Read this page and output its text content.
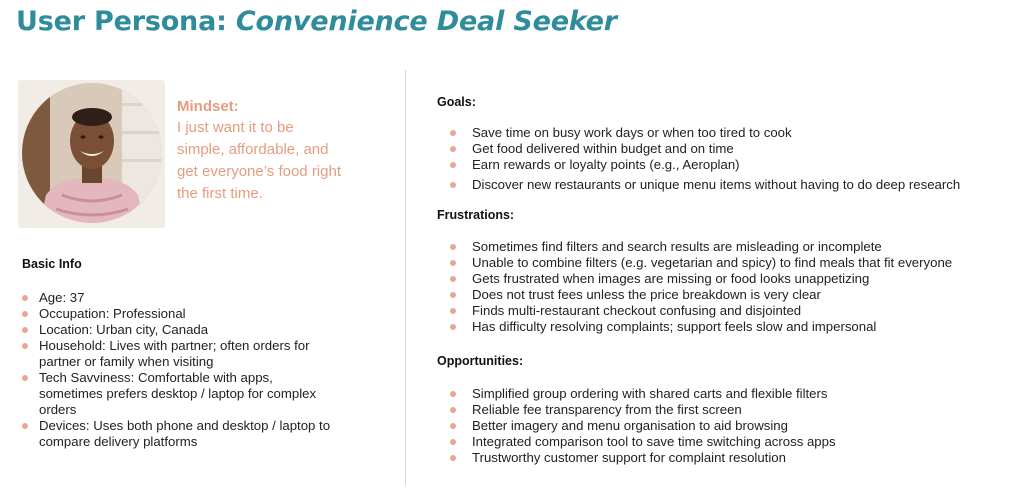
User Persona: Convenience Deal Seeker
Mindset:
I just want it to be
simple, affordable, and
get everyone’s food right
the first time.
Basic Info
Age: 37
Occupation: Professional
Location: Urban city, Canada
Household: Lives with partner; often orders for
partner or family when visiting
Tech Savviness: Comfortable with apps,
sometimes prefers desktop / laptop for complex
orders
Devices: Uses both phone and desktop / laptop to
compare delivery platforms
Goals:
Save time on busy work days or when too tired to cook
Get food delivered within budget and on time
Earn rewards or loyalty points (e.g., Aeroplan)
Discover new restaurants or unique menu items without having to do deep research
Frustrations:
Sometimes find filters and search results are misleading or incomplete
Unable to combine filters (e.g. vegetarian and spicy) to find meals that fit everyone
Gets frustrated when images are missing or food looks unappetizing
Does not trust fees unless the price breakdown is very clear
Finds multi-restaurant checkout confusing and disjointed
Has difficulty resolving complaints; support feels slow and impersonal
Opportunities:
Simplified group ordering with shared carts and flexible filters
Reliable fee transparency from the first screen
Better imagery and menu organisation to aid browsing
Integrated comparison tool to save time switching across apps
Trustworthy customer support for complaint resolution
